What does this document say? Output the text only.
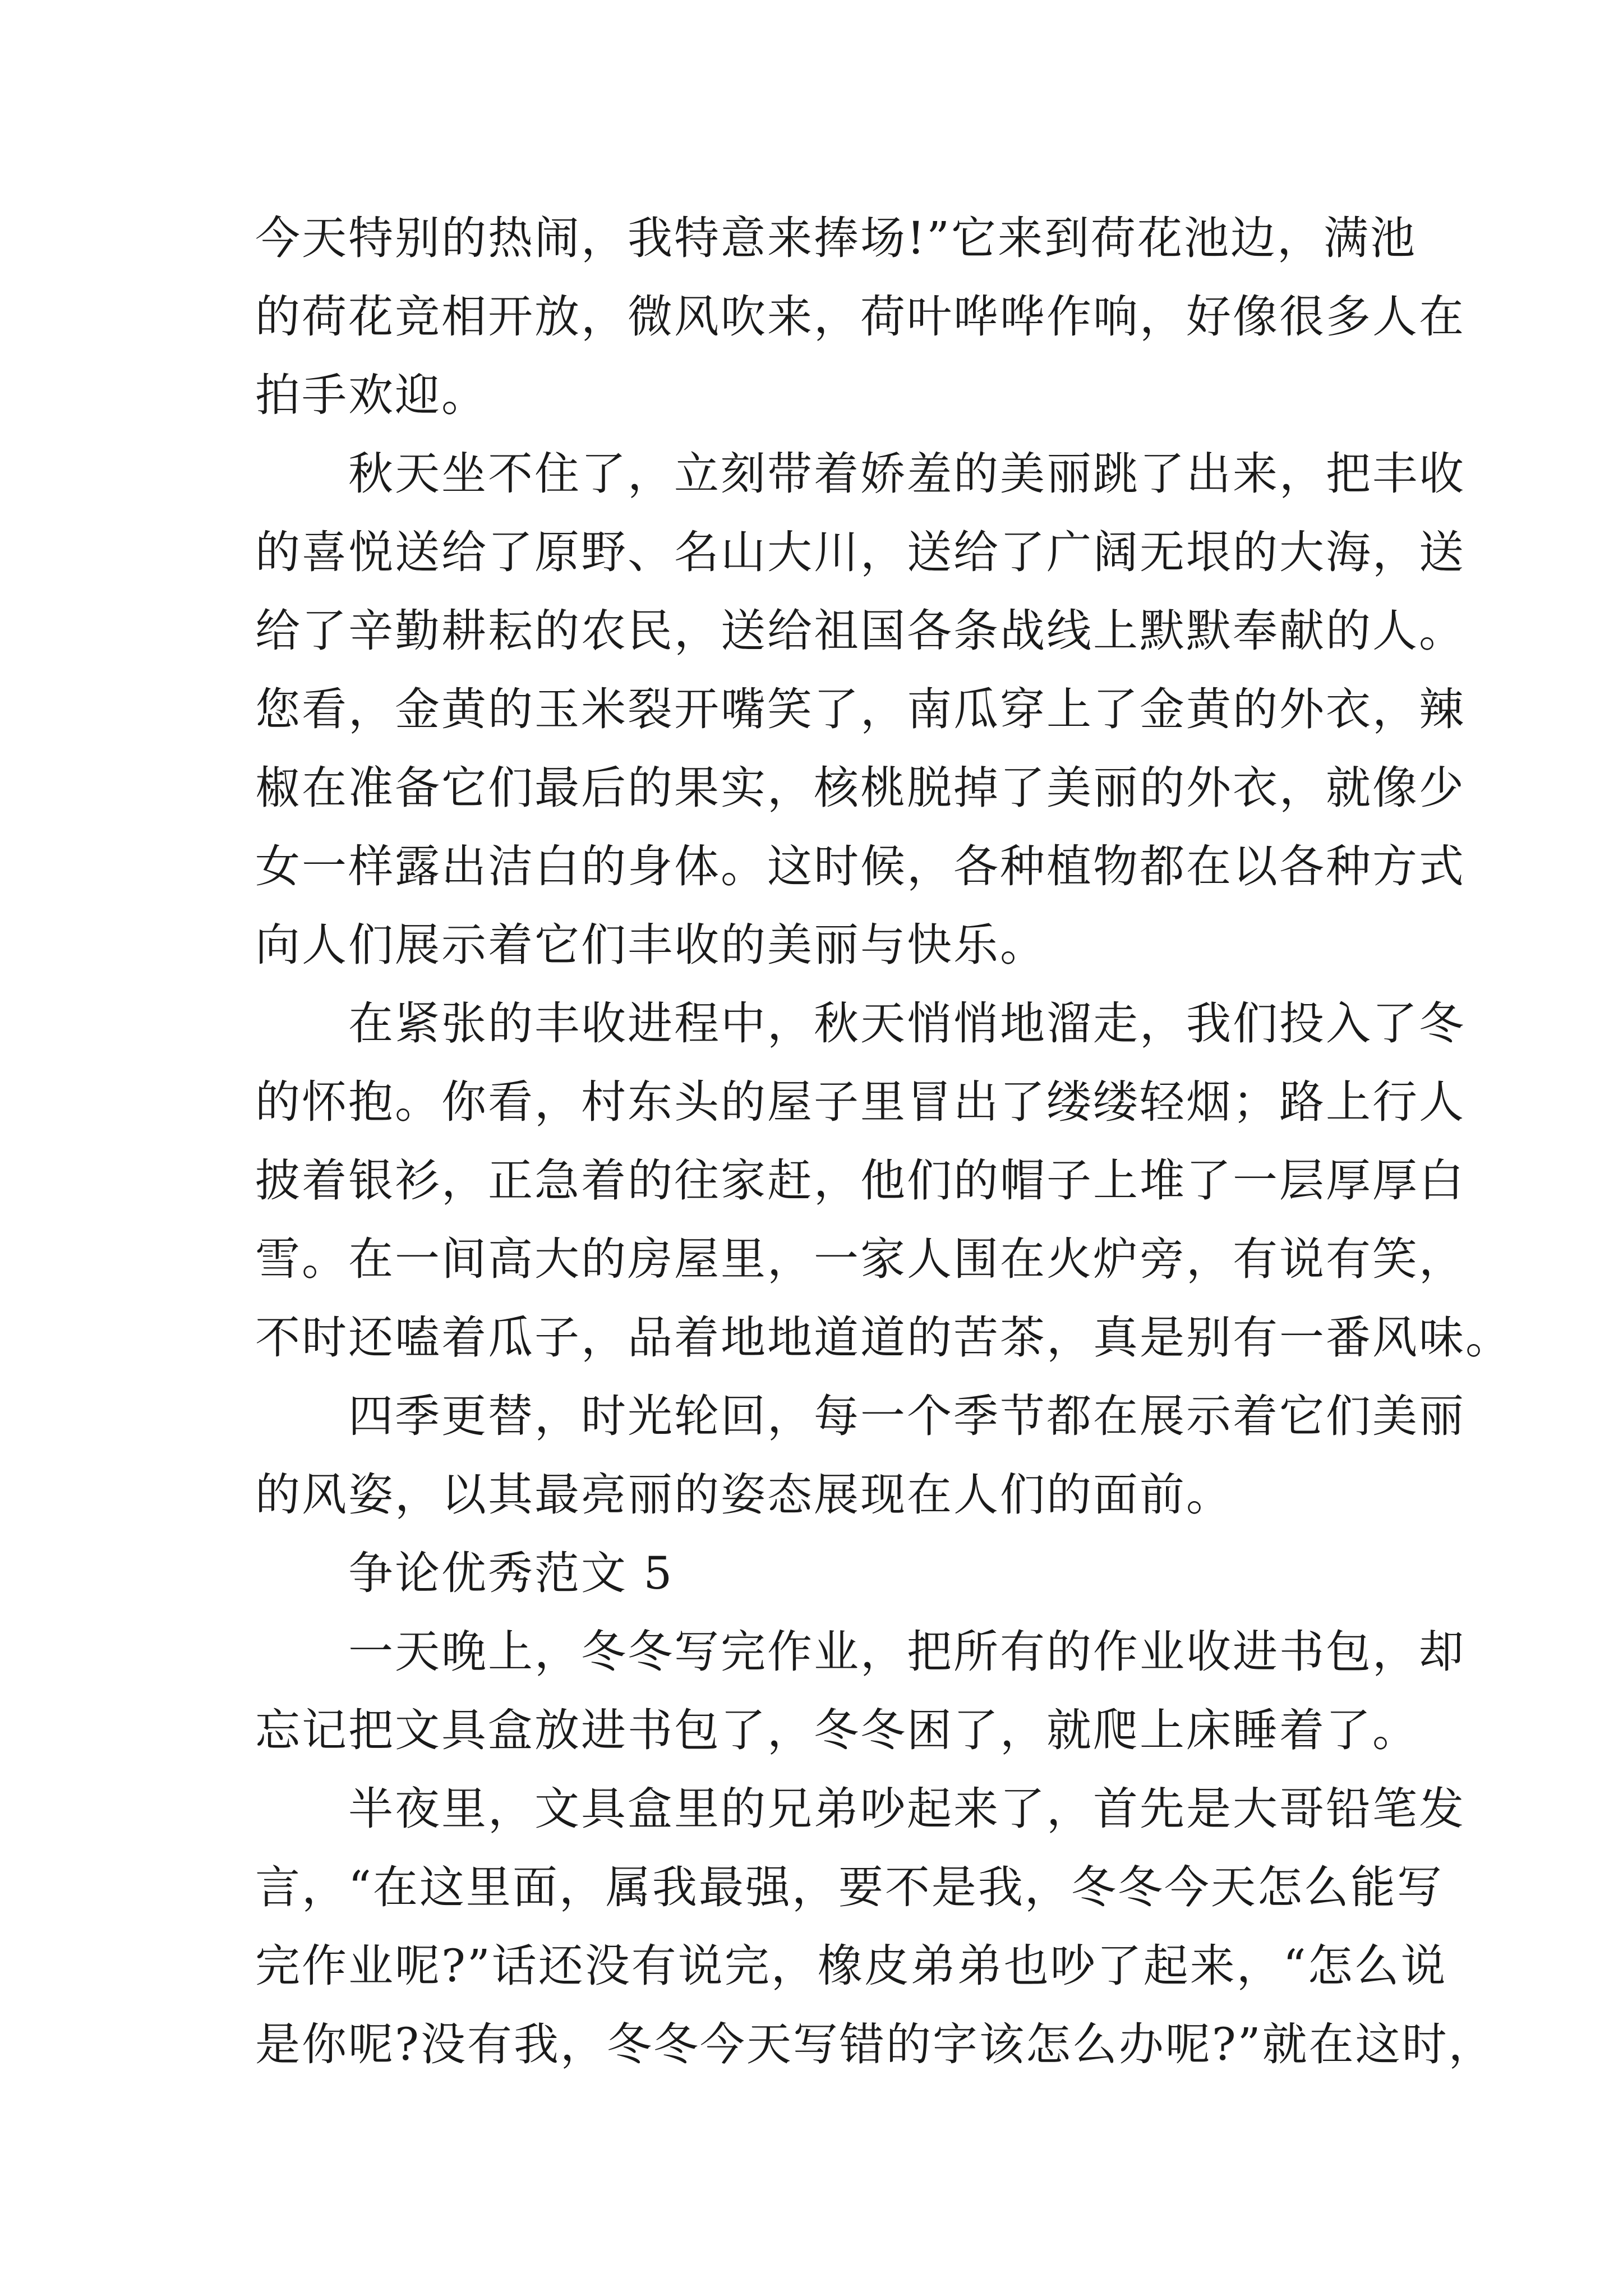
今天特别的热闹，我特意来捧场!”它来到荷花池边，满池

的荷花竞相开放，微风吹来，荷叶哗哗作响，好像很多人在

拍手欢迎。

　　秋天坐不住了，立刻带着娇羞的美丽跳了出来，把丰收

的喜悦送给了原野、名山大川，送给了广阔无垠的大海，送

给了辛勤耕耘的农民，送给祖国各条战线上默默奉献的人。

您看，金黄的玉米裂开嘴笑了，南瓜穿上了金黄的外衣，辣

椒在准备它们最后的果实，核桃脱掉了美丽的外衣，就像少

女一样露出洁白的身体。这时候，各种植物都在以各种方式

向人们展示着它们丰收的美丽与快乐。

　　在紧张的丰收进程中，秋天悄悄地溜走，我们投入了冬

的怀抱。你看，村东头的屋子里冒出了缕缕轻烟；路上行人

披着银衫，正急着的往家赶，他们的帽子上堆了一层厚厚白

雪。在一间高大的房屋里，一家人围在火炉旁，有说有笑，

不时还嗑着瓜子，品着地地道道的苦茶，真是别有一番风味。

　　四季更替，时光轮回，每一个季节都在展示着它们美丽

的风姿，以其最亮丽的姿态展现在人们的面前。

　　争论优秀范文 5

　　一天晚上，冬冬写完作业，把所有的作业收进书包，却

忘记把文具盒放进书包了，冬冬困了，就爬上床睡着了。

　　半夜里，文具盒里的兄弟吵起来了，首先是大哥铅笔发

言，“在这里面，属我最强，要不是我，冬冬今天怎么能写

完作业呢?”话还没有说完，橡皮弟弟也吵了起来，“怎么说

是你呢?没有我，冬冬今天写错的字该怎么办呢?”就在这时，
